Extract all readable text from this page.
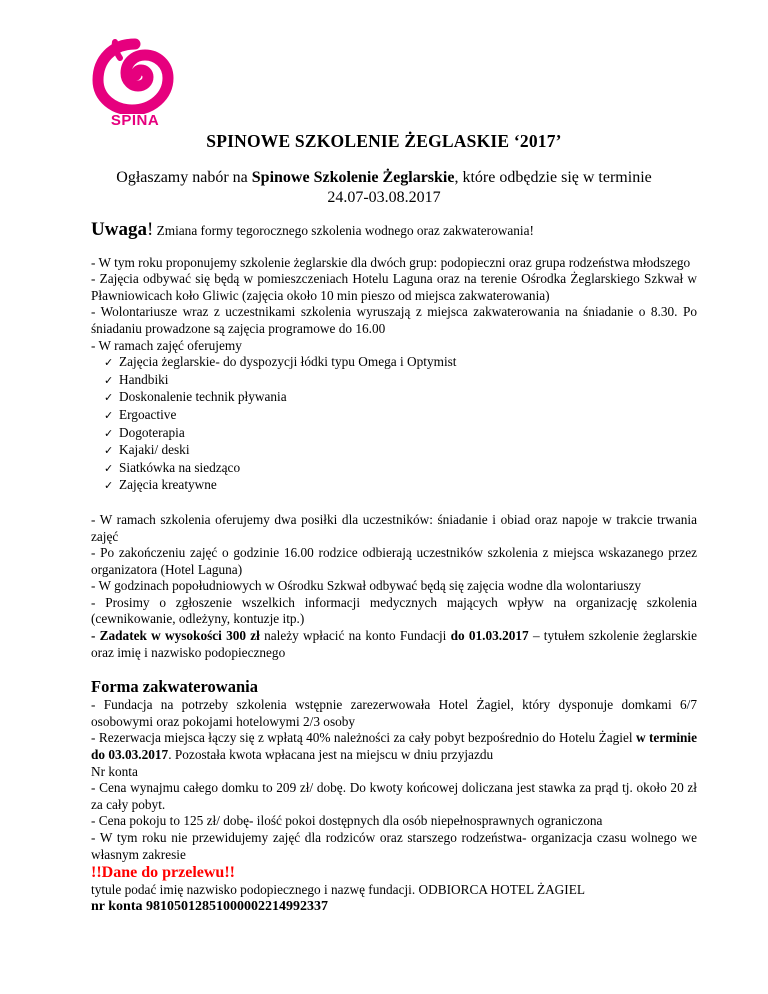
SPINA
SPINOWE SZKOLENIE ŻEGLASKIE ‘2017’
Ogłaszamy nabór na Spinowe Szkolenie Żeglarskie, które odbędzie się w terminie
24.07-03.08.2017
Uwaga! Zmiana formy tegorocznego szkolenia wodnego oraz zakwaterowania!

- W tym roku proponujemy szkolenie żeglarskie dla dwóch grup: podopieczni oraz grupa rodzeństwa młodszego

- Zajęcia odbywać się będą w pomieszczeniach Hotelu Laguna oraz na terenie Ośrodka Żeglarskiego Szkwał w Pławniowicach koło Gliwic (zajęcia około 10 min pieszo od miejsca zakwaterowania)

- Wolontariusze wraz z uczestnikami szkolenia wyruszają z miejsca zakwaterowania na śniadanie o 8.30. Po śniadaniu prowadzone są zajęcia programowe do 16.00

- W ramach zajęć oferujemy

✓ Zajęcia żeglarskie- do dyspozycji łódki typu Omega i Optymist
✓ Handbiki
✓ Doskonalenie technik pływania
✓ Ergoactive
✓ Dogoterapia
✓ Kajaki/ deski
✓ Siatkówka na siedząco
✓ Zajęcia kreatywne

- W ramach szkolenia oferujemy dwa posiłki dla uczestników: śniadanie i obiad oraz napoje w trakcie trwania zajęć

- Po zakończeniu zajęć o godzinie 16.00 rodzice odbierają uczestników szkolenia z miejsca wskazanego przez organizatora (Hotel Laguna)

- W godzinach popołudniowych w Ośrodku Szkwał odbywać będą się zajęcia wodne dla wolontariuszy

- Prosimy o zgłoszenie wszelkich informacji medycznych mających wpływ na organizację szkolenia (cewnikowanie, odleżyny, kontuzje itp.)

- Zadatek w wysokości 300 zł należy wpłacić na konto Fundacji do 01.03.2017 – tytułem szkolenie żeglarskie oraz imię i nazwisko podopiecznego

Forma zakwaterowania

- Fundacja na potrzeby szkolenia wstępnie zarezerwowała Hotel Żagiel, który dysponuje domkami 6/7 osobowymi oraz pokojami hotelowymi 2/3 osoby

- Rezerwacja miejsca łączy się z wpłatą 40% należności za cały pobyt bezpośrednio do Hotelu Żagiel w terminie do 03.03.2017. Pozostała kwota wpłacana jest na miejscu w dniu przyjazdu

Nr konta

- Cena wynajmu całego domku to 209 zł/ dobę. Do kwoty końcowej doliczana jest stawka za prąd tj. około 20 zł za cały pobyt.

- Cena pokoju to 125 zł/ dobę- ilość pokoi dostępnych dla osób niepełnosprawnych ograniczona

- W tym roku nie przewidujemy zajęć dla rodziców oraz starszego rodzeństwa- organizacja czasu wolnego we własnym zakresie

!!Dane do przelewu!!

tytule podać imię nazwisko podopiecznego i nazwę fundacji. ODBIORCA HOTEL ŻAGIEL

nr konta 98105012851000002214992337
